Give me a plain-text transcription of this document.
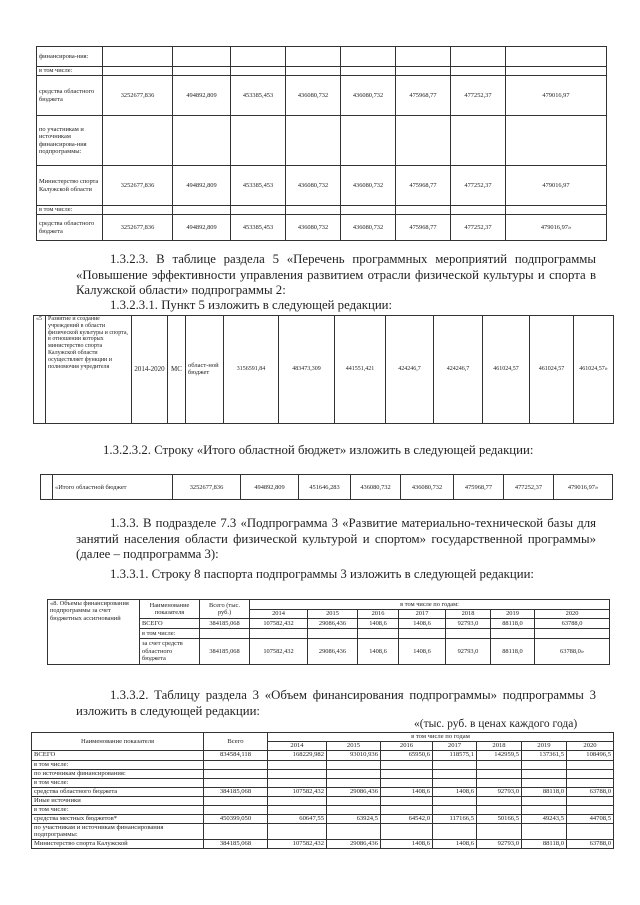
финансирова-ния:								
в том числе:								
средства областного бюджета	3252677,836	494892,809	453385,453	436080,732	436080,732	475968,77	477252,37	479016,97
по участникам и источникам финансирова-ния подпрограммы:								
Министерство спорта Калужской области	3252677,836	494892,809	453385,453	436080,732	436080,732	475968,77	477252,37	479016,97
в том числе:								
средства областного бюджета	3252677,836	494892,809	453385,453	436080,732	436080,732	475968,77	477252,37	479016,97»
1.3.2.3. В таблице раздела 5 «Перечень программных мероприятий подпрограммы «Повышение эффективности управления развитием отрасли физической культуры и спорта в Калужской области» подпрограммы 2:
1.3.2.3.1. Пункт 5 изложить в следующей редакции:
«5	Развитие и создание учреждений в области физической культуры и спорта, в отношении которых министерство спорта Калужской области осуществляет функции и полномочия учредителя	2014-2020	МС	област-ной бюджет	3156591,84	483473,309	441551,421	424246,7	424246,7	461024,57	461024,57	461024,57»
1.3.2.3.2. Строку «Итого областной бюджет» изложить в следующей редакции:
	«Итого областной бюджет	3252677,836	494892,809	451646,283	436080,732	436080,732	475968,77	477252,37	479016,97»
1.3.3. В подразделе 7.3 «Подпрограмма 3 «Развитие материально-технической базы для занятий населения области физической культурой и спортом» государственной программы» (далее – подпрограмма 3):
1.3.3.1. Строку 8 паспорта подпрограммы 3 изложить в следующей редакции:
«8. Объемы финансирования подпрограммы за счет бюджетных ассигнований	Наименование показателя	Всего (тыс. руб.)	в том числе по годам:						
			2014	2015	2016	2017	2018	2019	2020
	ВСЕГО	384185,068	107582,432	29086,436	1408,6	1408,6	92793,0	88118,0	63788,0
	в том числе:								
	за счет средств областного бюджета	384185,068	107582,432	29086,436	1408,6	1408,6	92793,0	88118,0	63788,0»
1.3.3.2. Таблицу раздела 3 «Объем финансирования подпрограммы» подпрограммы 3 изложить в следующей редакции:
«(тыс. руб. в ценах каждого года)
Наименование показателя	Всего	в том числе по годам						
		2014	2015	2016	2017	2018	2019	2020
ВСЕГО	834584,118	168229,982	93010,936	65950,6	118575,1	142959,5	137361,5	108496,5
в том числе:								
по источникам финансирования:								
в том числе:								
средства областного бюджета	384185,068	107582,432	29086,436	1408,6	1408,6	92793,0	88118,0	63788,0
Иные источники								
в том числе:								
средства местных бюджетов*	450399,050	60647,55	63924,5	64542,0	117166,5	50166,5	49243,5	44708,5
по участникам и источникам финансирования подпрограммы:								
Министерство спорта Калужской	384185,068	107582,432	29086,436	1408,6	1408,6	92793,0	88118,0	63788,0
